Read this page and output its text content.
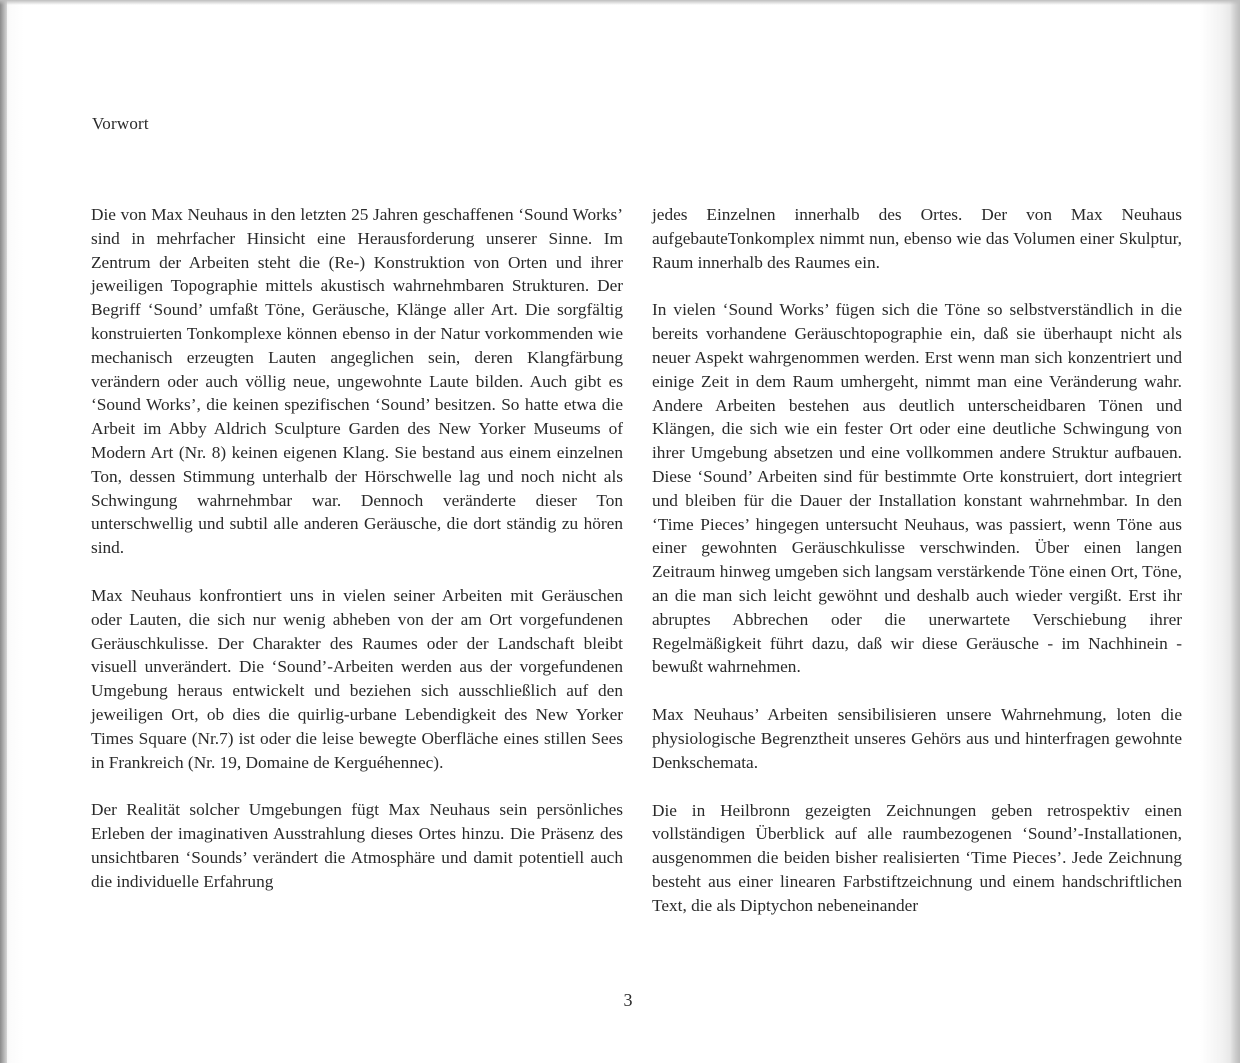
Vorwort

Die von Max Neuhaus in den letzten 25 Jahren geschaffenen ‘Sound Works’ sind in mehrfacher Hinsicht eine Herausforderung unserer Sinne. Im Zentrum der Arbeiten steht die (Re-) Konstruktion von Orten und ihrer jeweiligen Topographie mittels akustisch wahrnehmbaren Strukturen. Der Begriff ‘Sound’ umfaßt Töne, Geräusche, Klänge aller Art. Die sorgfältig konstruierten Tonkomplexe können ebenso in der Natur vorkommenden wie mechanisch erzeugten Lauten angeglichen sein, deren Klangfärbung verändern oder auch völlig neue, ungewohnte Laute bilden. Auch gibt es ‘Sound Works’, die keinen spezifischen ‘Sound’ besitzen. So hatte etwa die Arbeit im Abby Aldrich Sculpture Garden des New Yorker Museums of Modern Art (Nr. 8) keinen eigenen Klang. Sie bestand aus einem einzelnen Ton, dessen Stimmung unterhalb der Hörschwelle lag und noch nicht als Schwingung wahrnehmbar war. Dennoch veränderte dieser Ton unterschwellig und subtil alle anderen Geräusche, die dort ständig zu hören sind.

Max Neuhaus konfrontiert uns in vielen seiner Arbeiten mit Geräuschen oder Lauten, die sich nur wenig abheben von der am Ort vorgefundenen Geräuschkulisse. Der Charakter des Raumes oder der Landschaft bleibt visuell unverändert. Die ‘Sound’-Arbeiten werden aus der vorgefundenen Umgebung heraus entwickelt und beziehen sich ausschließlich auf den jeweiligen Ort, ob dies die quirlig-urbane Lebendigkeit des New Yorker Times Square (Nr.7) ist oder die leise bewegte Oberfläche eines stillen Sees in Frankreich (Nr. 19, Domaine de Kerguéhennec).

Der Realität solcher Umgebungen fügt Max Neuhaus sein persönliches Erleben der imaginativen Ausstrahlung dieses Ortes hinzu. Die Präsenz des unsichtbaren ‘Sounds’ verändert die Atmosphäre und damit potentiell auch die individuelle Erfahrung

jedes Einzelnen innerhalb des Ortes. Der von Max Neuhaus aufgebauteTonkomplex nimmt nun, ebenso wie das Volumen einer Skulptur, Raum innerhalb des Raumes ein.

In vielen ‘Sound Works’ fügen sich die Töne so selbstverständlich in die bereits vorhandene Geräuschtopographie ein, daß sie überhaupt nicht als neuer Aspekt wahrgenommen werden. Erst wenn man sich konzentriert und einige Zeit in dem Raum umhergeht, nimmt man eine Veränderung wahr. Andere Arbeiten bestehen aus deutlich unterscheidbaren Tönen und Klängen, die sich wie ein fester Ort oder eine deutliche Schwingung von ihrer Umgebung absetzen und eine vollkommen andere Struktur aufbauen. Diese ‘Sound’ Arbeiten sind für bestimmte Orte konstruiert, dort integriert und bleiben für die Dauer der Installation konstant wahrnehmbar. In den ‘Time Pieces’ hingegen untersucht Neuhaus, was passiert, wenn Töne aus einer gewohnten Geräuschkulisse verschwinden. Über einen langen Zeitraum hinweg umgeben sich langsam verstärkende Töne einen Ort, Töne, an die man sich leicht gewöhnt und deshalb auch wieder vergißt. Erst ihr abruptes Abbrechen oder die unerwartete Verschiebung ihrer Regelmäßigkeit führt dazu, daß wir diese Geräusche - im Nachhinein - bewußt wahrnehmen.

Max Neuhaus’ Arbeiten sensibilisieren unsere Wahrnehmung, loten die physiologische Begrenztheit unseres Gehörs aus und hinterfragen gewohnte Denkschemata.

Die in Heilbronn gezeigten Zeichnungen geben retrospektiv einen vollständigen Überblick auf alle raumbezogenen ‘Sound’-Installationen, ausgenommen die beiden bisher realisierten ‘Time Pieces’. Jede Zeichnung besteht aus einer linearen Farbstiftzeichnung und einem handschriftlichen Text, die als Diptychon nebeneinander

3
